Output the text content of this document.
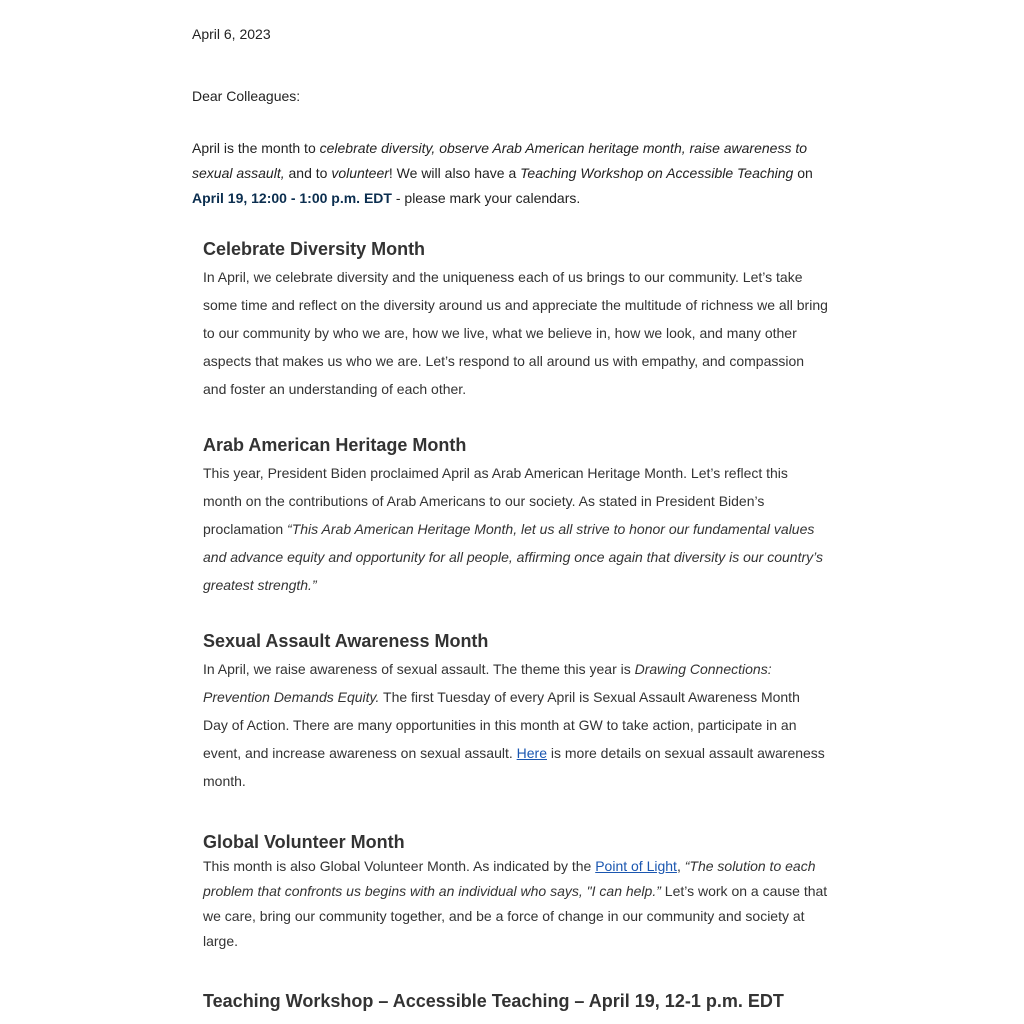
April 6, 2023
Dear Colleagues:

April is the month to celebrate diversity, observe Arab American heritage month, raise awareness to sexual assault, and to volunteer! We will also have a Teaching Workshop on Accessible Teaching on
April 19, 12:00 - 1:00 p.m. EDT - please mark your calendars.

Celebrate Diversity Month

In April, we celebrate diversity and the uniqueness each of us brings to our community. Let’s take some time and reflect on the diversity around us and appreciate the multitude of richness we all bring to our community by who we are, how we live, what we believe in, how we look, and many other aspects that makes us who we are. Let’s respond to all around us with empathy, and compassion and foster an understanding of each other.

Arab American Heritage Month

This year, President Biden proclaimed April as Arab American Heritage Month. Let’s reflect this month on the contributions of Arab Americans to our society. As stated in President Biden’s proclamation “This Arab American Heritage Month, let us all strive to honor our fundamental values and advance equity and opportunity for all people, affirming once again that diversity is our country’s greatest strength.”

Sexual Assault Awareness Month

In April, we raise awareness of sexual assault. The theme this year is Drawing Connections: Prevention Demands Equity. The first Tuesday of every April is Sexual Assault Awareness Month Day of Action. There are many opportunities in this month at GW to take action, participate in an event, and increase awareness on sexual assault. Here is more details on sexual assault awareness month.

Global Volunteer Month

This month is also Global Volunteer Month. As indicated by the Point of Light, “The solution to each problem that confronts us begins with an individual who says, "I can help.” Let’s work on a cause that we care, bring our community together, and be a force of change in our community and society at large.

Teaching Workshop – Accessible Teaching – April 19, 12-1 p.m. EDT
